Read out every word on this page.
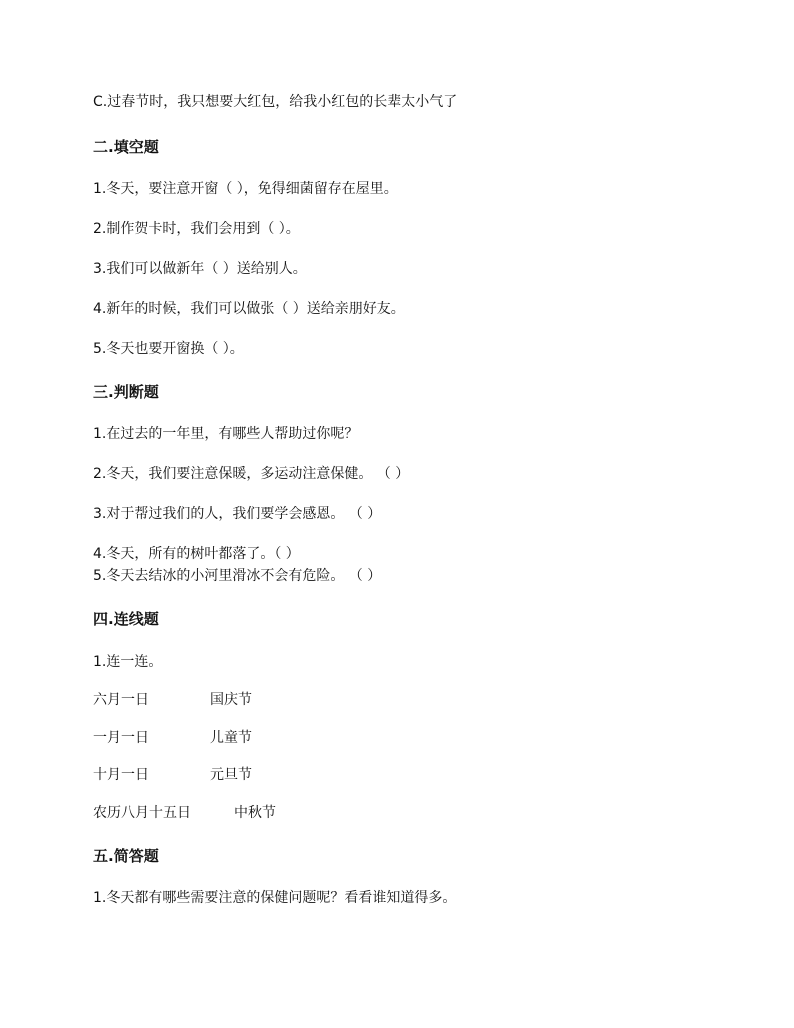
C.过春节时，我只想要大红包，给我小红包的长辈太小气了
二.填空题
1.冬天，要注意开窗（ ），免得细菌留存在屋里。
2.制作贺卡时，我们会用到（ ）。
3.我们可以做新年（ ）送给别人。
4.新年的时候，我们可以做张（ ）送给亲朋好友。
5.冬天也要开窗换（ ）。
三.判断题
1.在过去的一年里，有哪些人帮助过你呢？
2.冬天，我们要注意保暖，多运动注意保健。 （ ）
3.对于帮过我们的人，我们要学会感恩。 （ ）
4.冬天，所有的树叶都落了。（ ）
5.冬天去结冰的小河里滑冰不会有危险。 （ ）
四.连线题
1.连一连。
六月一日	国庆节
一月一日	儿童节
十月一日	元旦节
农历八月十五日	中秋节
五.简答题
1.冬天都有哪些需要注意的保健问题呢？看看谁知道得多。
